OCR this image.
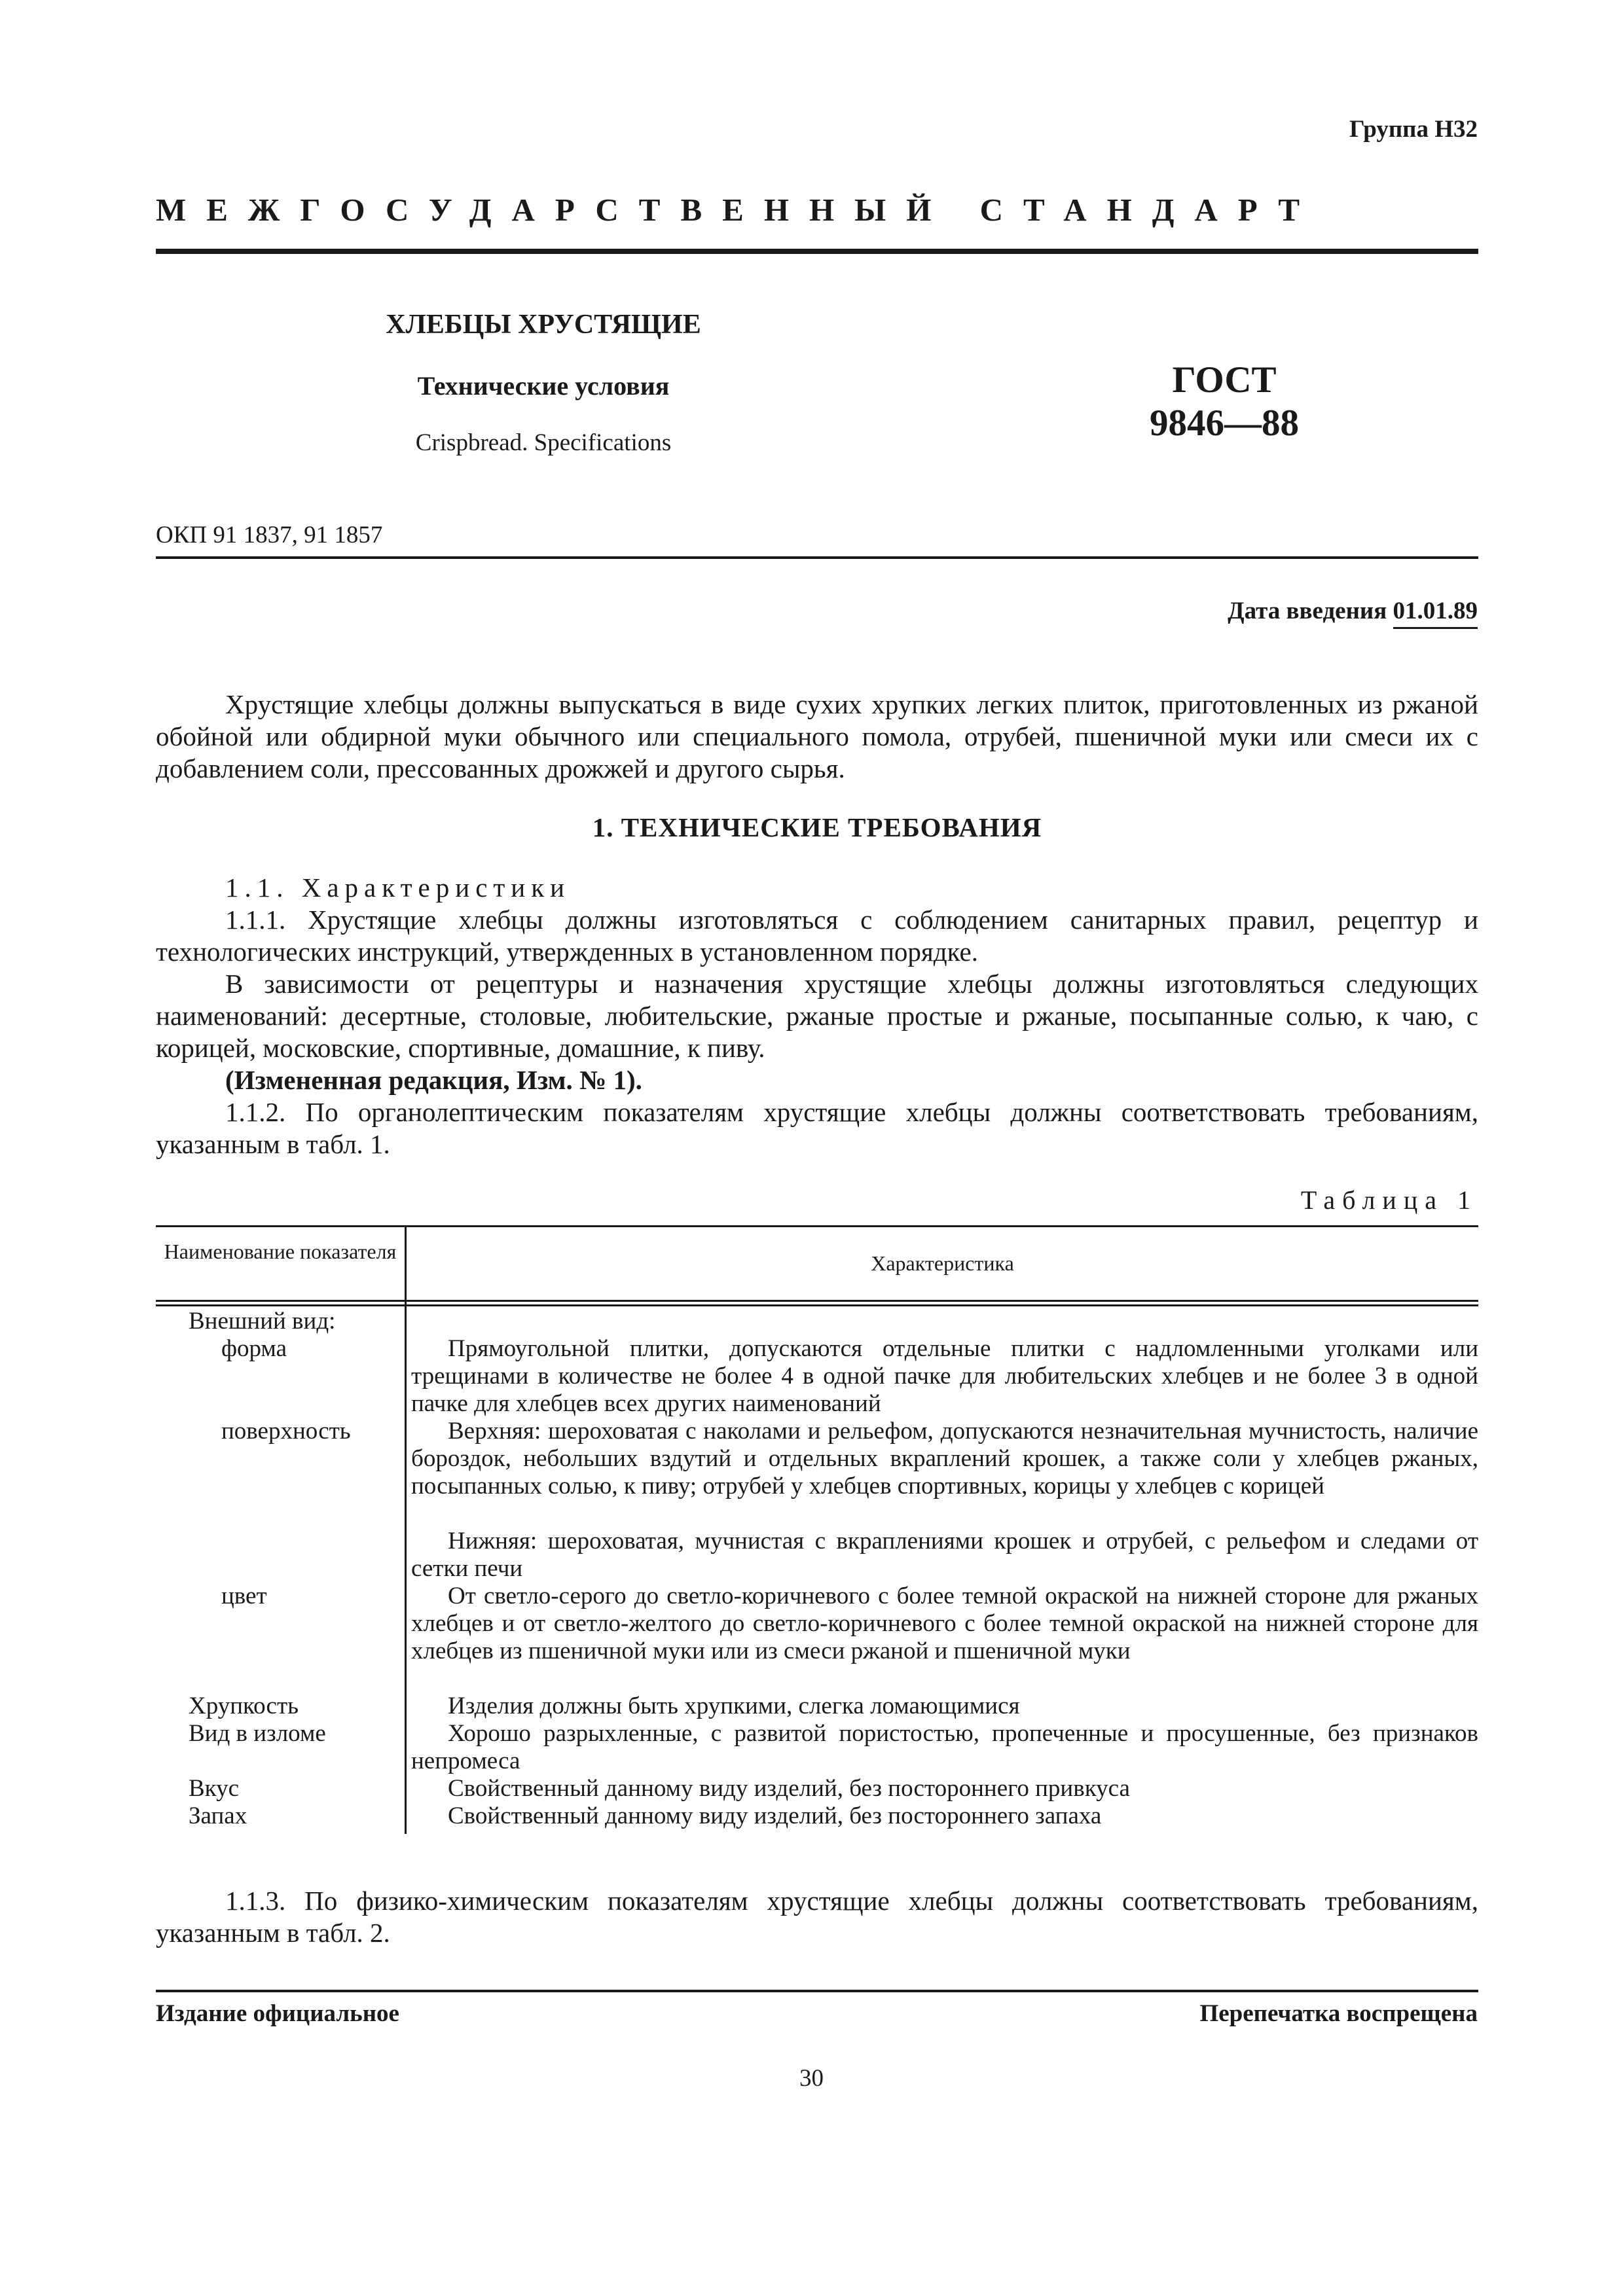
Группа Н32
МЕЖГОСУДАРСТВЕННЫЙ СТАНДАРТ
ХЛЕБЦЫ ХРУСТЯЩИЕ
Технические условия
Crispbread. Specifications
ГОСТ
9846—88
ОКП 91 1837, 91 1857
Дата введения 01.01.89
Хрустящие хлебцы должны выпускаться в виде сухих хрупких легких плиток, приготовленных из ржаной обойной или обдирной муки обычного или специального помола, отрубей, пшеничной муки или смеси их с добавлением соли, прессованных дрожжей и другого сырья.
1. ТЕХНИЧЕСКИЕ ТРЕБОВАНИЯ
1.1. Характеристики
1.1.1. Хрустящие хлебцы должны изготовляться с соблюдением санитарных правил, рецептур и технологических инструкций, утвержденных в установленном порядке.
В зависимости от рецептуры и назначения хрустящие хлебцы должны изготовляться следующих наименований: десертные, столовые, любительские, ржаные простые и ржаные, посыпанные солью, к чаю, с корицей, московские, спортивные, домашние, к пиву.
(Измененная редакция, Изм. № 1).
1.1.2. По органолептическим показателям хрустящие хлебцы должны соответствовать требованиям, указанным в табл. 1.
Таблица 1
Наименование показателя	Характеристика
Внешний вид:
форма	Прямоугольной плитки, допускаются отдельные плитки с надломленными уголками или трещинами в количестве не более 4 в одной пачке для любительских хлебцев и не более 3 в одной пачке для хлебцев всех других наименований

поверхность	Верхняя: шероховатая с наколами и рельефом, допускаются незначительная мучнистость, наличие бороздок, небольших вздутий и отдельных вкраплений крошек, а также соли у хлебцев ржаных, посыпанных солью, к пиву; отрубей у хлебцев спортивных, корицы у хлебцев с корицей

Нижняя: шероховатая, мучнистая с вкраплениями крошек и отрубей, с рельефом и следами от сетки печи

цвет	От светло-серого до светло-коричневого с более темной окраской на нижней стороне для ржаных хлебцев и от светло-желтого до светло-коричневого с более темной окраской на нижней стороне для хлебцев из пшеничной муки или из смеси ржаной и пшеничной муки

Хрупкость	Изделия должны быть хрупкими, слегка ломающимися

Вид в изломе	Хорошо разрыхленные, с развитой пористостью, пропеченные и просушенные, без признаков непромеса

Вкус	Свойственный данному виду изделий, без постороннего привкуса

Запах	Свойственный данному виду изделий, без постороннего запаха

1.1.3. По физико-химическим показателям хрустящие хлебцы должны соответствовать требованиям, указанным в табл. 2.
Издание официальное	Перепечатка воспрещена
30
